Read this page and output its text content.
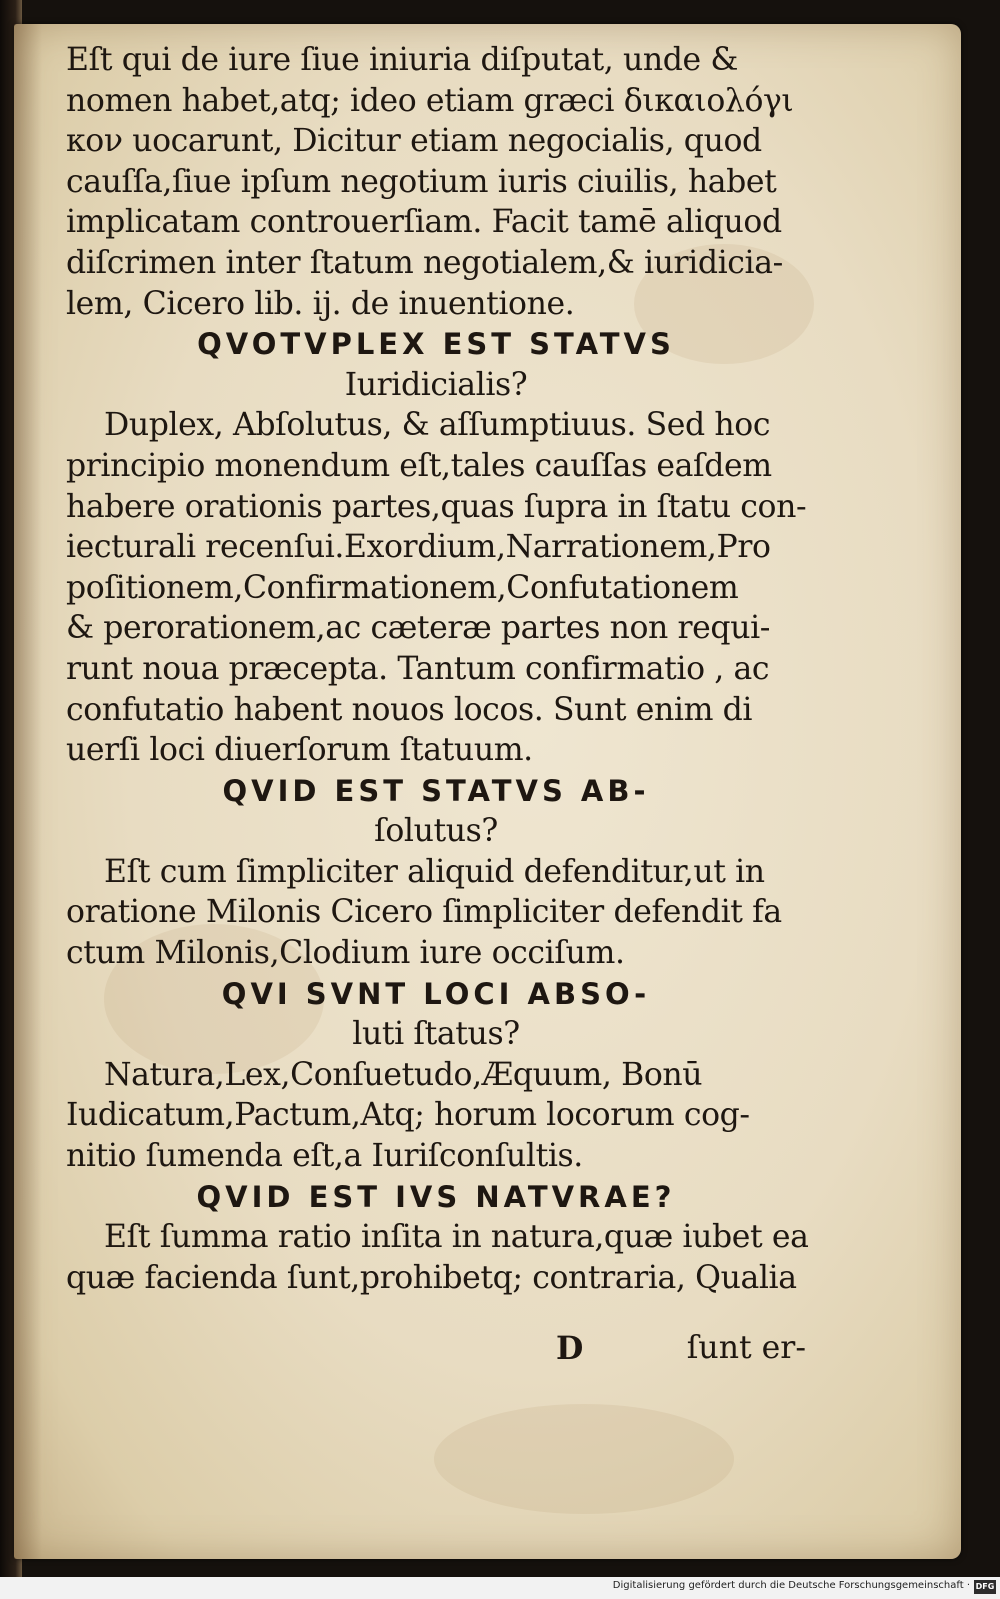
Eſt qui de iure ſiue iniuria diſputat, unde &
nomen habet,atq; ideo etiam græci δικαιολόγι
κον uocarunt, Dicitur etiam negocialis, quod
cauſſa,ſiue ipſum negotium iuris ciuilis, habet
implicatam controuerſiam. Facit tamē aliquod
diſcrimen inter ſtatum negotialem,& iuridicia-
lem, Cicero lib. ij. de inuentione.
QVOTVPLEX EST STATVS
Iuridicialis?
Duplex, Abſolutus, & aſſumptiuus. Sed hoc
principio monendum eſt,tales cauſſas eaſdem
habere orationis partes,quas ſupra in ſtatu con-
iecturali recenſui.Exordium,Narrationem,Pro
poſitionem,Confirmationem,Confutationem
& perorationem,ac cæteræ partes non requi-
runt noua præcepta. Tantum confirmatio , ac
confutatio habent nouos locos. Sunt enim di
uerſi loci diuerſorum ſtatuum.
QVID EST STATVS AB-
ſolutus?
Eſt cum ſimpliciter aliquid defenditur,ut in
oratione Milonis Cicero ſimpliciter defendit fa
ctum Milonis,Clodium iure occiſum.
QVI SVNT LOCI ABSO-
luti ſtatus?
Natura,Lex,Conſuetudo,Æquum, Bonū
Iudicatum,Pactum,Atq; horum locorum cog-
nitio ſumenda eſt,a Iuriſconſultis.
QVID EST IVS NATVRAE?
Eſt ſumma ratio inſita in natura,quæ iubet ea
quæ facienda ſunt,prohibetq; contraria, Qualia
D	ſunt er-
Digitalisierung gefördert durch die Deutsche Forschungsgemeinschaft · DFG
